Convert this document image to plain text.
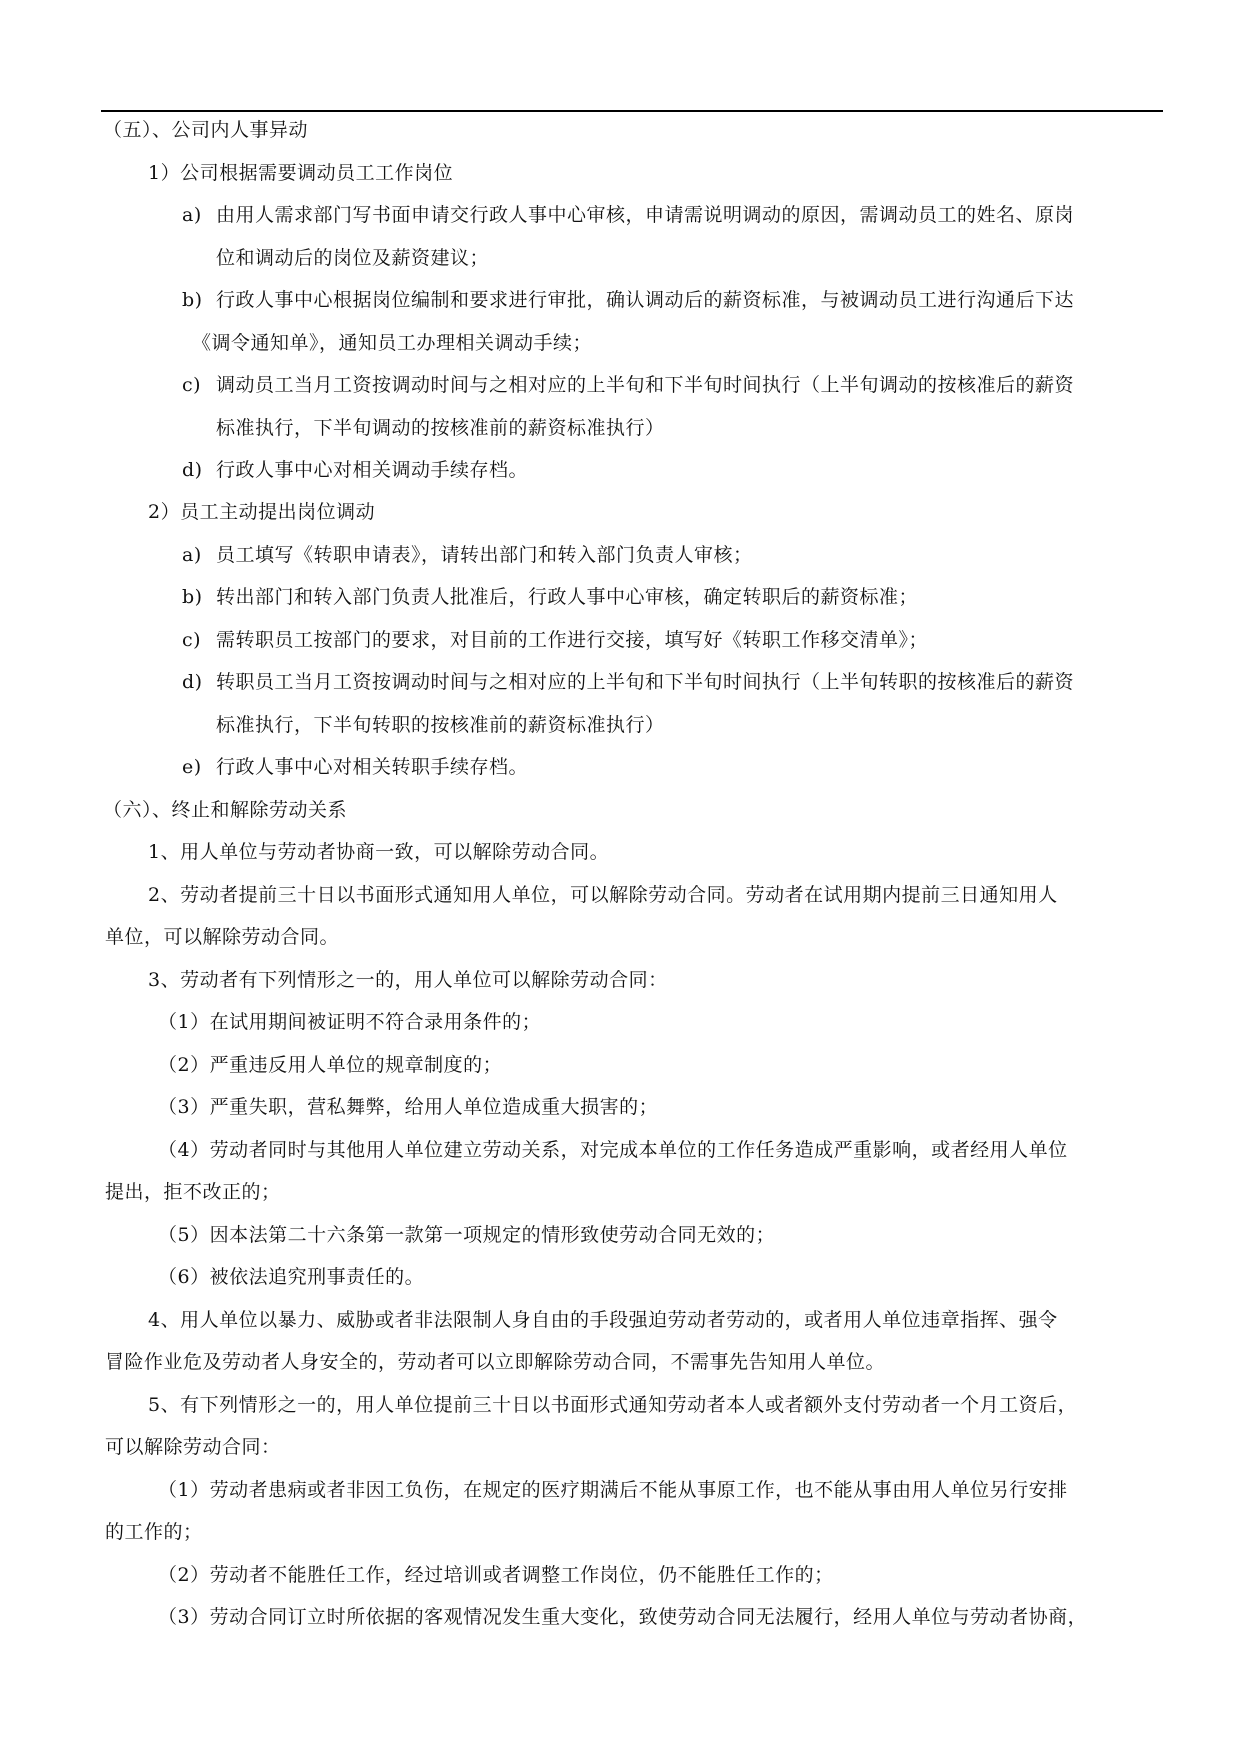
（五）、公司内人事异动
1）公司根据需要调动员工工作岗位
a) 由用人需求部门写书面申请交行政人事中心审核，申请需说明调动的原因，需调动员工的姓名、原岗
位和调动后的岗位及薪资建议；
b) 行政人事中心根据岗位编制和要求进行审批，确认调动后的薪资标准，与被调动员工进行沟通后下达
《调令通知单》，通知员工办理相关调动手续；
c) 调动员工当月工资按调动时间与之相对应的上半旬和下半旬时间执行（上半旬调动的按核准后的薪资
标准执行，下半旬调动的按核准前的薪资标准执行）
d) 行政人事中心对相关调动手续存档。
2）员工主动提出岗位调动
a) 员工填写《转职申请表》，请转出部门和转入部门负责人审核；
b) 转出部门和转入部门负责人批准后，行政人事中心审核，确定转职后的薪资标准；
c) 需转职员工按部门的要求，对目前的工作进行交接，填写好《转职工作移交清单》；
d) 转职员工当月工资按调动时间与之相对应的上半旬和下半旬时间执行（上半旬转职的按核准后的薪资
标准执行，下半旬转职的按核准前的薪资标准执行）
e) 行政人事中心对相关转职手续存档。
（六）、终止和解除劳动关系
1、用人单位与劳动者协商一致，可以解除劳动合同。
2、劳动者提前三十日以书面形式通知用人单位，可以解除劳动合同。劳动者在试用期内提前三日通知用人
单位，可以解除劳动合同。
3、劳动者有下列情形之一的，用人单位可以解除劳动合同：
（1）在试用期间被证明不符合录用条件的；
（2）严重违反用人单位的规章制度的；
（3）严重失职，营私舞弊，给用人单位造成重大损害的；
（4）劳动者同时与其他用人单位建立劳动关系，对完成本单位的工作任务造成严重影响，或者经用人单位
提出，拒不改正的；
（5）因本法第二十六条第一款第一项规定的情形致使劳动合同无效的；
（6）被依法追究刑事责任的。
4、用人单位以暴力、威胁或者非法限制人身自由的手段强迫劳动者劳动的，或者用人单位违章指挥、强令
冒险作业危及劳动者人身安全的，劳动者可以立即解除劳动合同，不需事先告知用人单位。
5、有下列情形之一的，用人单位提前三十日以书面形式通知劳动者本人或者额外支付劳动者一个月工资后，
可以解除劳动合同：
（1）劳动者患病或者非因工负伤，在规定的医疗期满后不能从事原工作，也不能从事由用人单位另行安排
的工作的；
（2）劳动者不能胜任工作，经过培训或者调整工作岗位，仍不能胜任工作的；
（3）劳动合同订立时所依据的客观情况发生重大变化，致使劳动合同无法履行，经用人单位与劳动者协商，
